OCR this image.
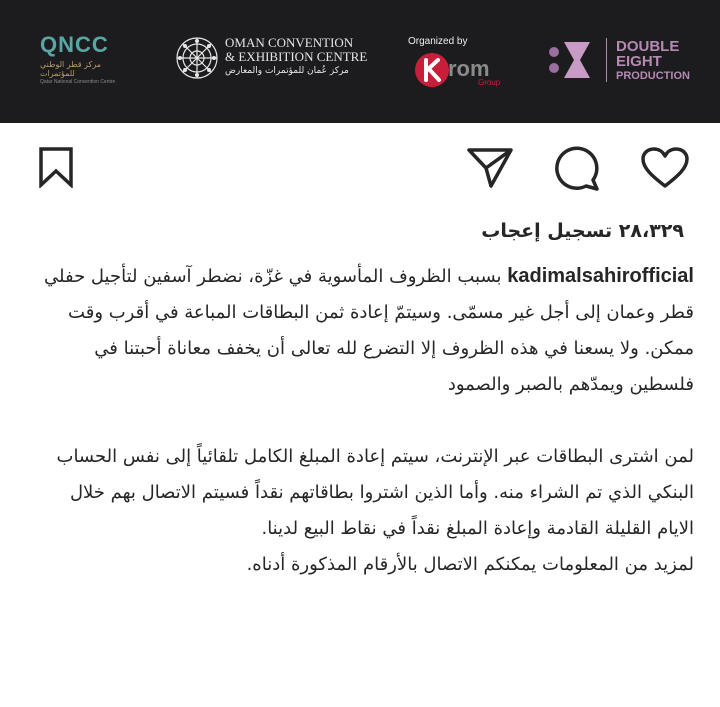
QNCC
مركز قطر الوطني للمؤتمرات
Qatar National Convention Centre
OMAN CONVENTION
& EXHIBITION CENTRE
مركز عُمان للمؤتمرات والمعارض
Organized by
rom
Group
DOUBLE
EIGHT
PRODUCTION
٢٨،٣٢٩ تسجيل إعجاب

kadimalsahirofficial بسبب الظروف المأسوية في غزّة، نضطر آسفين لتأجيل حفلي قطر وعمان إلى أجل غير مسمّى. وسيتمّ إعادة ثمن البطاقات المباعة في أقرب وقت ممكن. ولا يسعنا في هذه الظروف إلا التضرع لله تعالى أن يخفف معاناة أحبتنا في فلسطين ويمدّهم بالصبر والصمود

لمن اشترى البطاقات عبر الإنترنت، سيتم إعادة المبلغ الكامل تلقائياً إلى نفس الحساب البنكي الذي تم الشراء منه. وأما الذين اشتروا بطاقاتهم نقداً فسيتم الاتصال بهم خلال الايام القليلة القادمة وإعادة المبلغ نقداً في نقاط البيع لدينا.

لمزيد من المعلومات يمكنكم الاتصال بالأرقام المذكورة أدناه.
